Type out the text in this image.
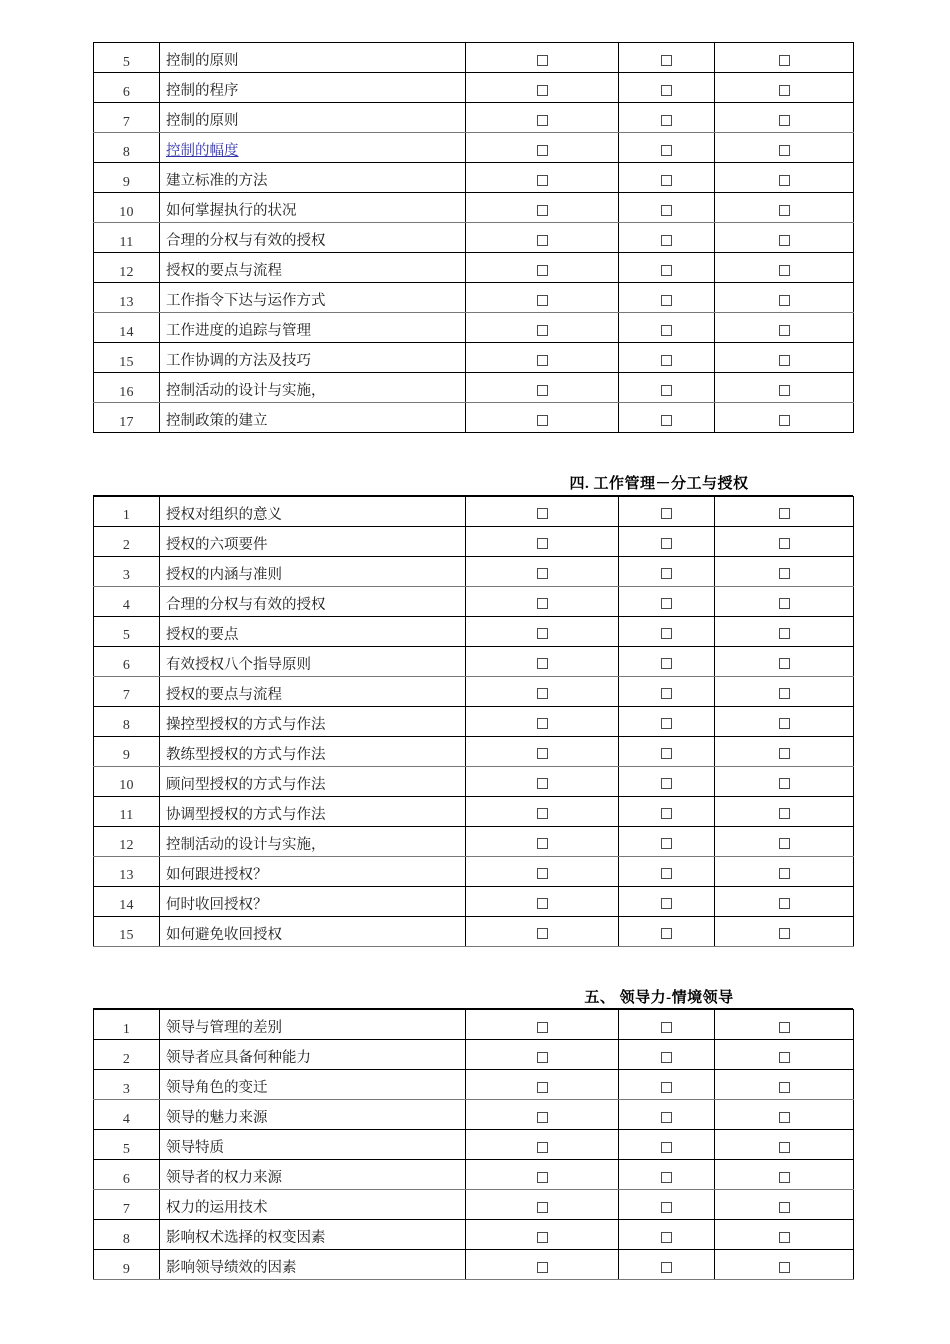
5	控制的原则			
6	控制的程序			
7	控制的原则			
8	控制的幅度			
9	建立标准的方法			
10	如何掌握执行的状况			
11	合理的分权与有效的授权			
12	授权的要点与流程			
13	工作指令下达与运作方式			
14	工作进度的追踪与管理			
15	工作协调的方法及技巧			
16	控制活动的设计与实施，			
17	控制政策的建立			

四. 工作管理－分工与授权
1	授权对组织的意义			
2	授权的六项要件			
3	授权的内涵与准则			
4	合理的分权与有效的授权			
5	授权的要点			
6	有效授权八个指导原则			
7	授权的要点与流程			
8	操控型授权的方式与作法			
9	教练型授权的方式与作法			
10	顾问型授权的方式与作法			
11	协调型授权的方式与作法			
12	控制活动的设计与实施，			
13	如何跟进授权？			
14	何时收回授权？			
15	如何避免收回授权			

五、 领导力-情境领导
1	领导与管理的差别			
2	领导者应具备何种能力			
3	领导角色的变迁			
4	领导的魅力来源			
5	领导特质			
6	领导者的权力来源			
7	权力的运用技术			
8	影响权术选择的权变因素			
9	影响领导绩效的因素			
